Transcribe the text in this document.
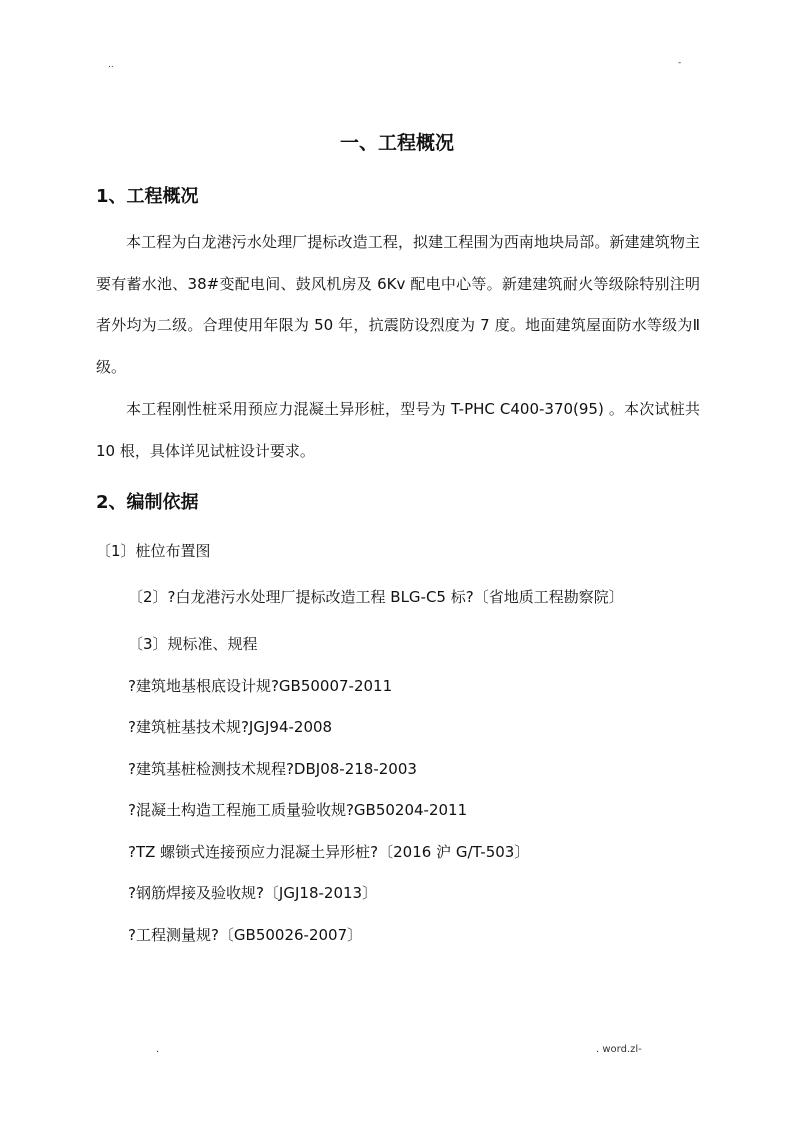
..	-
一、工程概况
1、工程概况
本工程为白龙港污水处理厂提标改造工程，拟建工程围为西南地块局部。新建建筑物主要有蓄水池、38#变配电间、鼓风机房及 6Kv 配电中心等。新建建筑耐火等级除特别注明者外均为二级。合理使用年限为 50 年，抗震防设烈度为 7 度。地面建筑屋面防水等级为Ⅱ级。
本工程刚性桩采用预应力混凝土异形桩，型号为 T-PHC C400-370(95) 。本次试桩共 10 根，具体详见试桩设计要求。
2、编制依据
〔1〕桩位布置图
〔2〕?白龙港污水处理厂提标改造工程 BLG-C5 标?〔省地质工程勘察院〕
〔3〕规标准、规程
?建筑地基根底设计规?GB50007-2011
?建筑桩基技术规?JGJ94-2008
?建筑基桩检测技术规程?DBJ08-218-2003
?混凝土构造工程施工质量验收规?GB50204-2011
?TZ 螺锁式连接预应力混凝土异形桩?〔2016 沪 G/T-503〕
?钢筋焊接及验收规?〔JGJ18-2013〕
?工程测量规?〔GB50026-2007〕
.	. word.zl-
